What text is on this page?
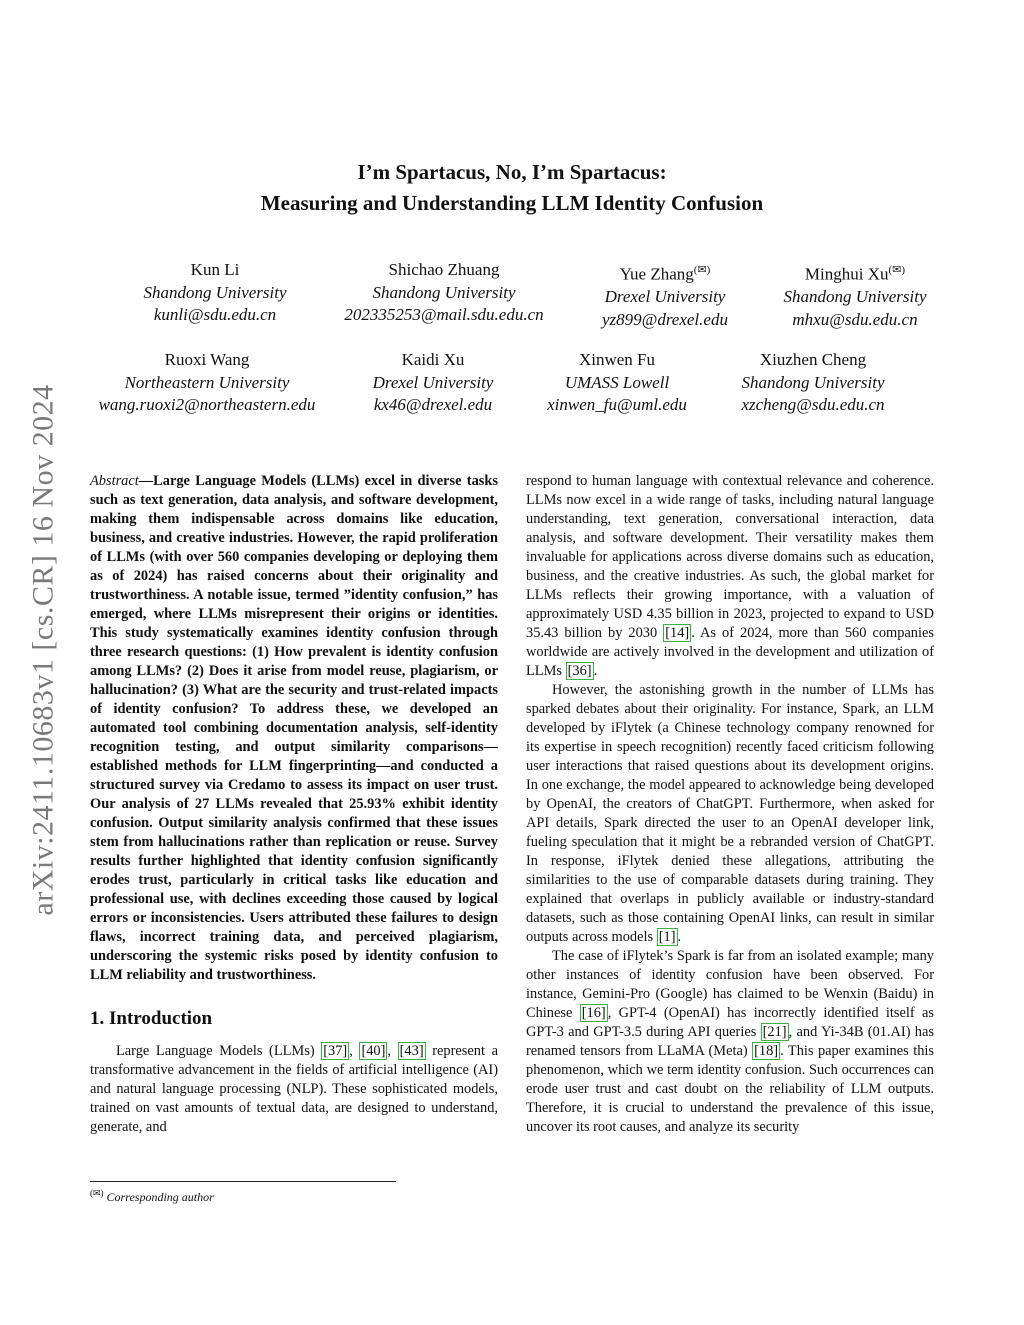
arXiv:2411.10683v1 [cs.CR] 16 Nov 2024
I’m Spartacus, No, I’m Spartacus:
Measuring and Understanding LLM Identity Confusion
Kun Li
Shandong University
kunli@sdu.edu.cn
Shichao Zhuang
Shandong University
202335253@mail.sdu.edu.cn
Yue Zhang(✉)
Drexel University
yz899@drexel.edu
Minghui Xu(✉)
Shandong University
mhxu@sdu.edu.cn
Ruoxi Wang
Northeastern University
wang.ruoxi2@northeastern.edu
Kaidi Xu
Drexel University
kx46@drexel.edu
Xinwen Fu
UMASS Lowell
xinwen_fu@uml.edu
Xiuzhen Cheng
Shandong University
xzcheng@sdu.edu.cn

Abstract—Large Language Models (LLMs) excel in diverse tasks such as text generation, data analysis, and software development, making them indispensable across domains like education, business, and creative industries. However, the rapid proliferation of LLMs (with over 560 companies developing or deploying them as of 2024) has raised concerns about their originality and trustworthiness. A notable issue, termed ”identity confusion,” has emerged, where LLMs misrepresent their origins or identities. This study systematically examines identity confusion through three research questions: (1) How prevalent is identity confusion among LLMs? (2) Does it arise from model reuse, plagiarism, or hallucination? (3) What are the security and trust-related impacts of identity confusion? To address these, we developed an automated tool combining documentation analysis, self-identity recognition testing, and output similarity comparisons—established methods for LLM fingerprinting—and conducted a structured survey via Credamo to assess its impact on user trust. Our analysis of 27 LLMs revealed that 25.93% exhibit identity confusion. Output similarity analysis confirmed that these issues stem from hallucinations rather than replication or reuse. Survey results further highlighted that identity confusion significantly erodes trust, particularly in critical tasks like education and professional use, with declines exceeding those caused by logical errors or inconsistencies. Users attributed these failures to design flaws, incorrect training data, and perceived plagiarism, underscoring the systemic risks posed by identity confusion to LLM reliability and trustworthiness.

1. Introduction

Large Language Models (LLMs) [37] , [40] , [43] represent a transformative advancement in the fields of artificial intelligence (AI) and natural language processing (NLP). These sophisticated models, trained on vast amounts of textual data, are designed to understand, generate, and

respond to human language with contextual relevance and coherence. LLMs now excel in a wide range of tasks, including natural language understanding, text generation, conversational interaction, data analysis, and software development. Their versatility makes them invaluable for applications across diverse domains such as education, business, and the creative industries. As such, the global market for LLMs reflects their growing importance, with a valuation of approximately USD 4.35 billion in 2023, projected to expand to USD 35.43 billion by 2030 [14] . As of 2024, more than 560 companies worldwide are actively involved in the development and utilization of LLMs [36] .

However, the astonishing growth in the number of LLMs has sparked debates about their originality. For instance, Spark, an LLM developed by iFlytek (a Chinese technology company renowned for its expertise in speech recognition) recently faced criticism following user interactions that raised questions about its development origins. In one exchange, the model appeared to acknowledge being developed by OpenAI, the creators of ChatGPT. Furthermore, when asked for API details, Spark directed the user to an OpenAI developer link, fueling speculation that it might be a rebranded version of ChatGPT. In response, iFlytek denied these allegations, attributing the similarities to the use of comparable datasets during training. They explained that overlaps in publicly available or industry-standard datasets, such as those containing OpenAI links, can result in similar outputs across models [1] .

The case of iFlytek’s Spark is far from an isolated example; many other instances of identity confusion have been observed. For instance, Gemini-Pro (Google) has claimed to be Wenxin (Baidu) in Chinese [16] , GPT-4 (OpenAI) has incorrectly identified itself as GPT-3 and GPT-3.5 during API queries [21] , and Yi-34B (01.AI) has renamed tensors from LLaMA (Meta) [18] . This paper examines this phenomenon, which we term identity confusion. Such occurrences can erode user trust and cast doubt on the reliability of LLM outputs. Therefore, it is crucial to understand the prevalence of this issue, uncover its root causes, and analyze its security

(✉) Corresponding author
